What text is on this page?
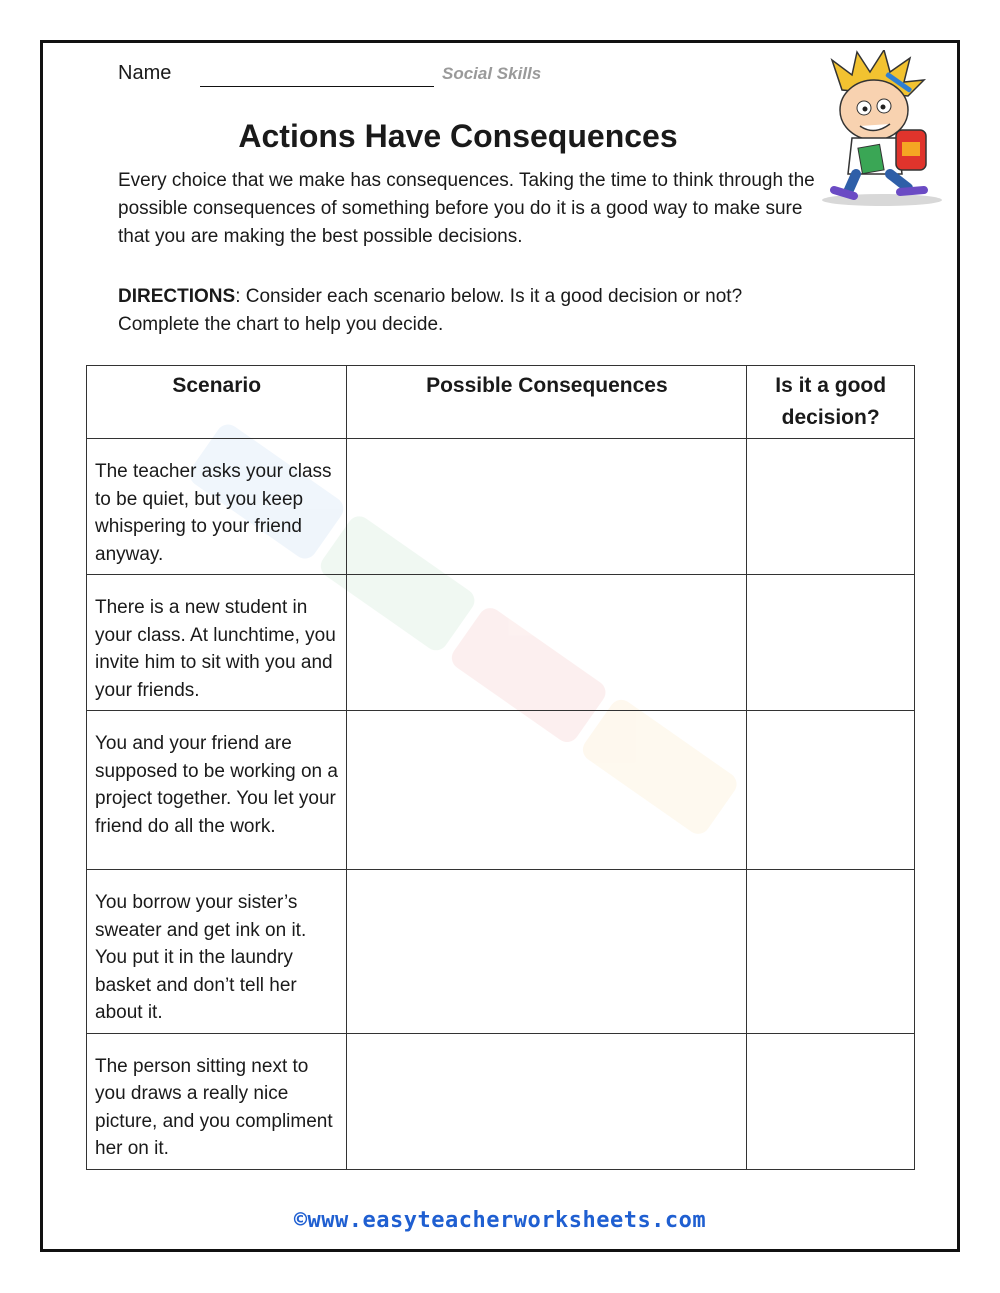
Name	Social Skills
Actions Have Consequences

Every choice that we make has consequences. Taking the time to think through the possible consequences of something before you do it is a good way to make sure that you are making the best possible decisions.

DIRECTIONS: Consider each scenario below. Is it a good decision or not? Complete the chart to help you decide.

Scenario	Possible Consequences	Is it a good decision?
The teacher asks your class to be quiet, but you keep whispering to your friend anyway.		
There is a new student in your class. At lunchtime, you invite him to sit with you and your friends.		
You and your friend are supposed to be working on a project together. You let your friend do all the work.		
You borrow your sister’s sweater and get ink on it. You put it in the laundry basket and don’t tell her about it.		
The person sitting next to you draws a really nice picture, and you compliment her on it.		
©www.easyteacherworksheets.com
